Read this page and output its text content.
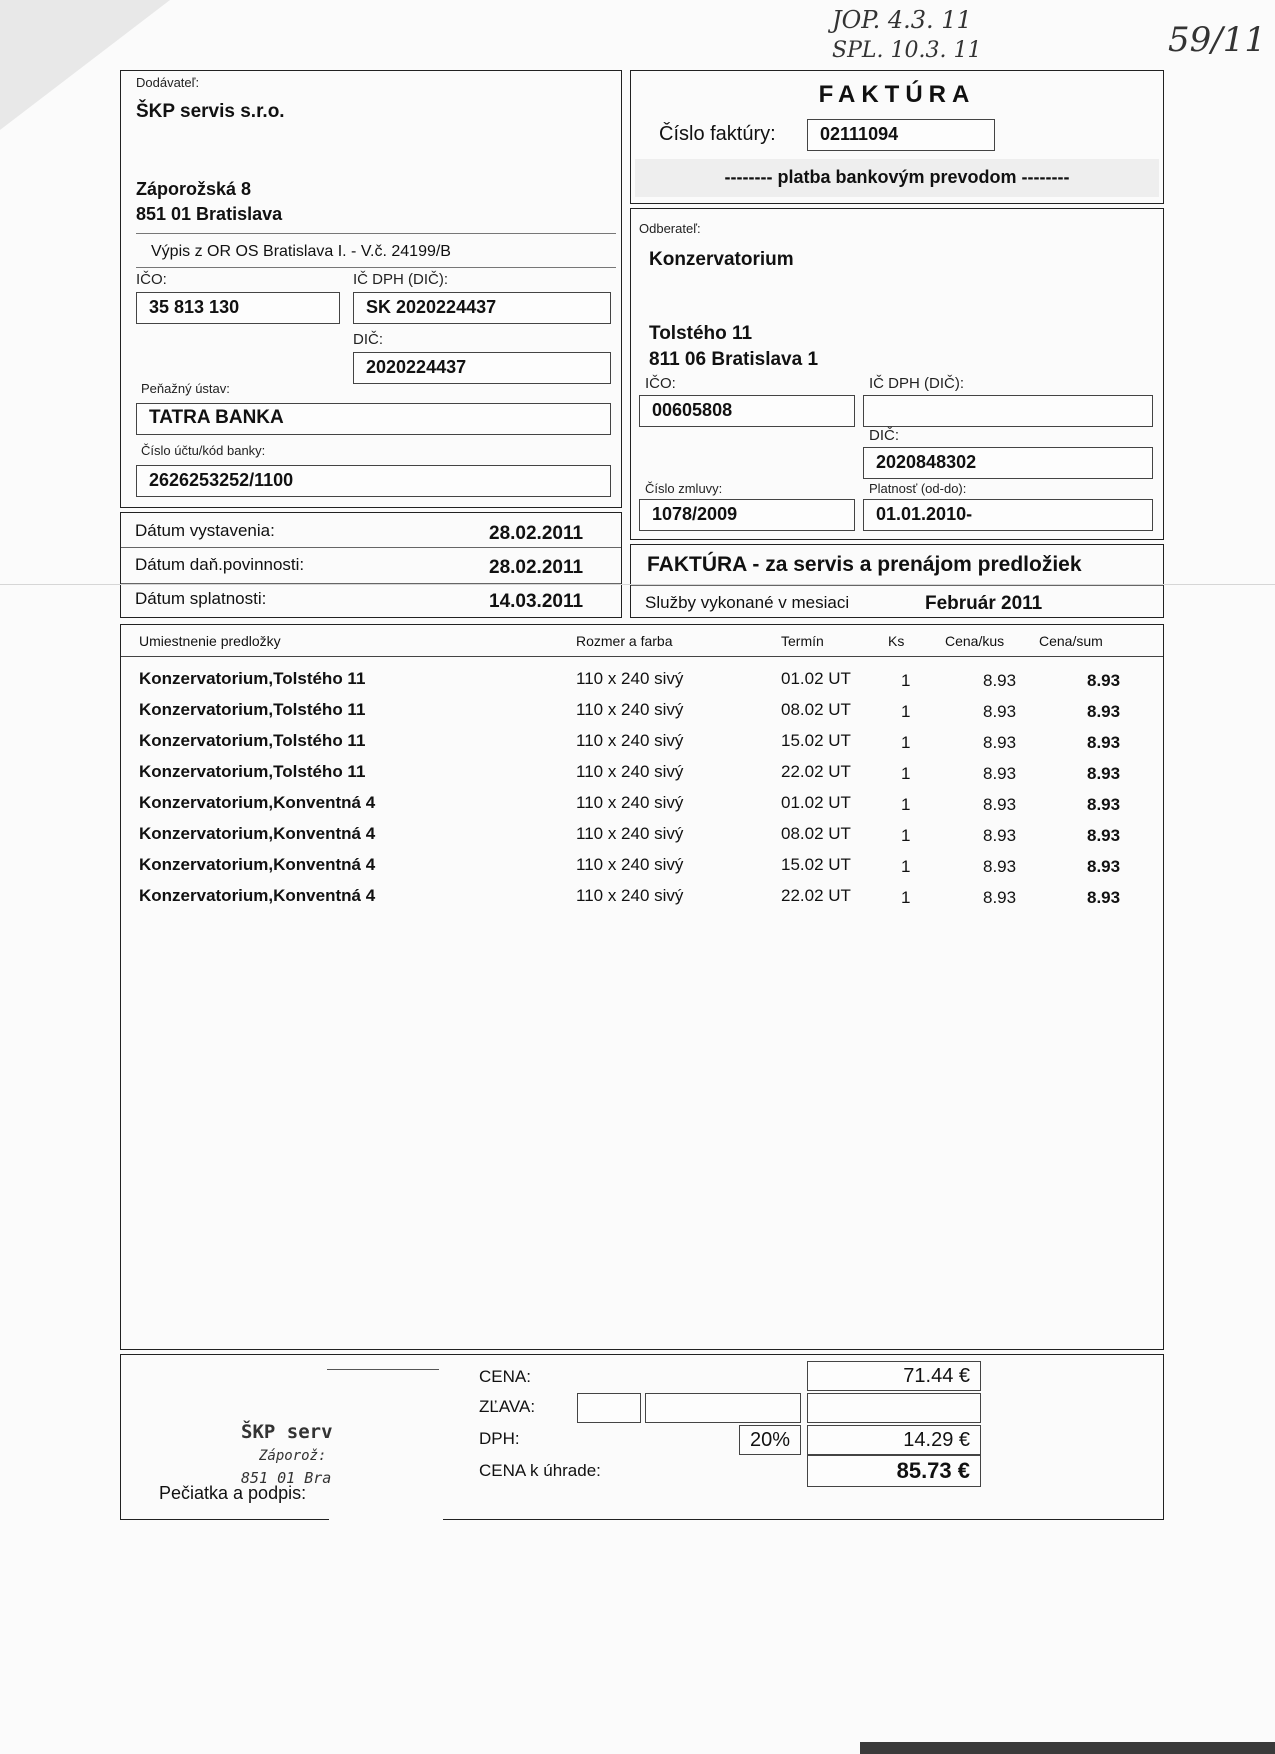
JOP. 4.3. 11
SPL. 10.3. 11	59/11
Dodávateľ:
ŠKP servis s.r.o.
Záporožská 8
851 01 Bratislava
Výpis z OR OS Bratislava I. - V.č. 24199/B
IČO:
35 813 130
IČ DPH (DIČ):
SK 2020224437
DIČ:
2020224437
Peňažný ústav:
TATRA BANKA
Číslo účtu/kód banky:
2626253252/1100
FAKTÚRA
Číslo faktúry:	02111094
-------- platba bankovým prevodom --------
Odberateľ:
Konzervatorium
Tolstého 11
811 06 Bratislava 1
IČO:
00605808
IČ DPH (DIČ):
DIČ:
2020848302
Číslo zmluvy:
1078/2009
Platnosť (od-do):
01.01.2010-
Dátum vystavenia:	28.02.2011
Dátum daň.povinnosti:	28.02.2011
Dátum splatnosti:	14.03.2011
FAKTÚRA - za servis a prenájom predložiek
Služby vykonané v mesiaci	Február 2011
Umiestnenie predložky	Rozmer a farba	Termín	Ks	Cena/kus Cena/sum
Konzervatorium,Tolstého 11	110 x 240 sivý	01.02 UT	1	8.93	8.93
Konzervatorium,Tolstého 11	110 x 240 sivý	08.02 UT	1	8.93	8.93
Konzervatorium,Tolstého 11	110 x 240 sivý	15.02 UT	1	8.93	8.93
Konzervatorium,Tolstého 11	110 x 240 sivý	22.02 UT	1	8.93	8.93
Konzervatorium,Konventná 4	110 x 240 sivý	01.02 UT	1	8.93	8.93
Konzervatorium,Konventná 4	110 x 240 sivý	08.02 UT	1	8.93	8.93
Konzervatorium,Konventná 4	110 x 240 sivý	15.02 UT	1	8.93	8.93
Konzervatorium,Konventná 4	110 x 240 sivý	22.02 UT	1	8.93	8.93
ŠKP serv
Záporož:
851 01 Bra
Pečiatka a podpis:
CENA:	71.44 €
ZĽAVA:
DPH:	20%	14.29 €
CENA k úhrade:	85.73 €
